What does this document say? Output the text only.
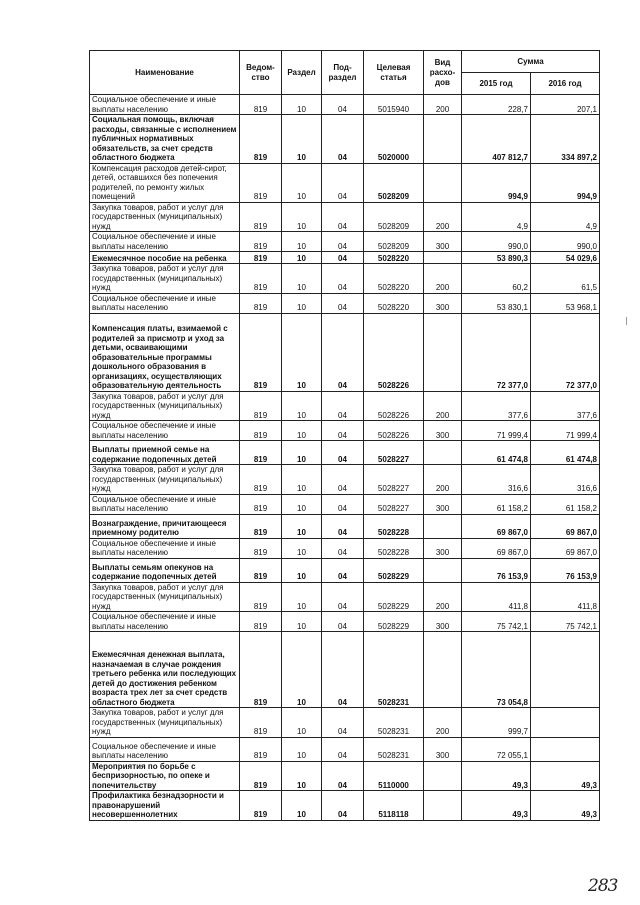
Наименование	Ведом-ство	Раздел	Под-раздел	Целевая статья	Вид расхо-дов	Сумма	
						2015 год	2016 год
Социальное обеспечение и иные выплаты населению	819	10	04	5015940	200	228,7	207,1
Социальная помощь, включая расходы, связанные с исполнением публичных нормативных обязательств, за счет средств областного бюджета	819	10	04	5020000		407 812,7	334 897,2
Компенсация расходов детей-сирот, детей, оставшихся без попечения родителей, по ремонту жилых помещений	819	10	04	5028209		994,9	994,9
Закупка товаров, работ и услуг для государственных (муниципальных) нужд	819	10	04	5028209	200	4,9	4,9
Социальное обеспечение и иные выплаты населению	819	10	04	5028209	300	990,0	990,0
Ежемесячное пособие на ребенка	819	10	04	5028220		53 890,3	54 029,6
Закупка товаров, работ и услуг для государственных (муниципальных) нужд	819	10	04	5028220	200	60,2	61,5
Социальное обеспечение и иные выплаты населению	819	10	04	5028220	300	53 830,1	53 968,1
Компенсация платы, взимаемой с родителей за присмотр и уход за детьми, осваивающими образовательные программы дошкольного образования в организациях, осуществляющих образовательную деятельность	819	10	04	5028226		72 377,0	72 377,0
Закупка товаров, работ и услуг для государственных (муниципальных) нужд	819	10	04	5028226	200	377,6	377,6
Социальное обеспечение и иные выплаты населению	819	10	04	5028226	300	71 999,4	71 999,4
Выплаты приемной семье на содержание подопечных детей	819	10	04	5028227		61 474,8	61 474,8
Закупка товаров, работ и услуг для государственных (муниципальных) нужд	819	10	04	5028227	200	316,6	316,6
Социальное обеспечение и иные выплаты населению	819	10	04	5028227	300	61 158,2	61 158,2
Вознаграждение, причитающееся приемному родителю	819	10	04	5028228		69 867,0	69 867,0
Социальное обеспечение и иные выплаты населению	819	10	04	5028228	300	69 867,0	69 867,0
Выплаты семьям опекунов на содержание подопечных детей	819	10	04	5028229		76 153,9	76 153,9
Закупка товаров, работ и услуг для государственных (муниципальных) нужд	819	10	04	5028229	200	411,8	411,8
Социальное обеспечение и иные выплаты населению	819	10	04	5028229	300	75 742,1	75 742,1
Ежемесячная денежная выплата, назначаемая в случае рождения третьего ребенка или последующих детей до достижения ребенком возраста трех лет за счет средств областного бюджета	819	10	04	5028231		73 054,8	
Закупка товаров, работ и услуг для государственных (муниципальных) нужд	819	10	04	5028231	200	999,7	
Социальное обеспечение и иные выплаты населению	819	10	04	5028231	300	72 055,1	
Мероприятия по борьбе с беспризорностью, по опеке и попечительству	819	10	04	5110000		49,3	49,3
Профилактика безнадзорности и правонарушений несовершеннолетних	819	10	04	5118118		49,3	49,3
283
